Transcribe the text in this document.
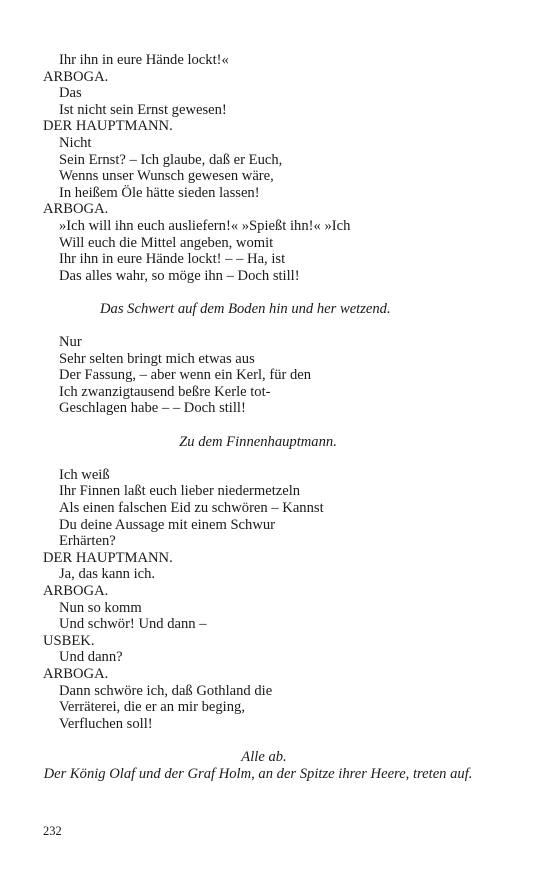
Ihr ihn in eure Hände lockt!«
ARBOGA.
Das
Ist nicht sein Ernst gewesen!
DER HAUPTMANN.
Nicht
Sein Ernst? – Ich glaube, daß er Euch,
Wenns unser Wunsch gewesen wäre,
In heißem Öle hätte sieden lassen!
ARBOGA.
»Ich will ihn euch ausliefern!« »Spießt ihn!« »Ich
Will euch die Mittel angeben, womit
Ihr ihn in eure Hände lockt! – – Ha, ist
Das alles wahr, so möge ihn – Doch still!
Das Schwert auf dem Boden hin und her wetzend.
Nur
Sehr selten bringt mich etwas aus
Der Fassung, – aber wenn ein Kerl, für den
Ich zwanzigtausend beßre Kerle tot-
Geschlagen habe – – Doch still!
Zu dem Finnenhauptmann.
Ich weiß
Ihr Finnen laßt euch lieber niedermetzeln
Als einen falschen Eid zu schwören – Kannst
Du deine Aussage mit einem Schwur
Erhärten?
DER HAUPTMANN.
Ja, das kann ich.
ARBOGA.
Nun so komm
Und schwör! Und dann –
USBEK.
Und dann?
ARBOGA.
Dann schwöre ich, daß Gothland die
Verräterei, die er an mir beging,
Verfluchen soll!
Alle ab.
Der König Olaf und der Graf Holm, an der Spitze ihrer Heere, treten auf.
232
